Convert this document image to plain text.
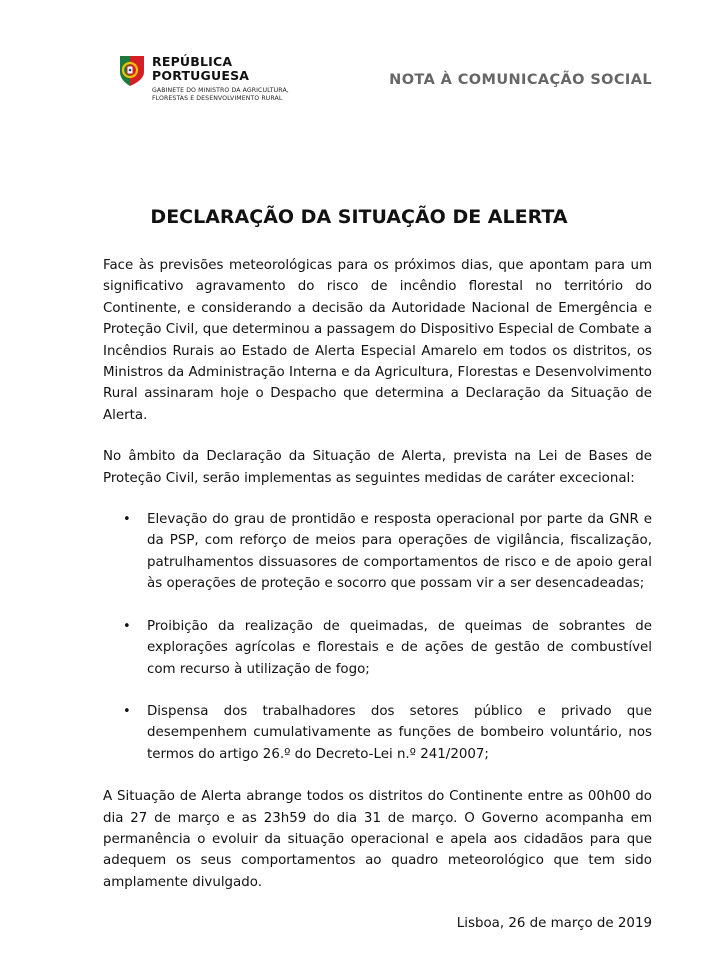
REPÚBLICA
PORTUGUESA
GABINETE DO MINISTRO DA AGRICULTURA,
FLORESTAS E DESENVOLVIMENTO RURAL
NOTA À COMUNICAÇÃO SOCIAL
DECLARAÇÃO DA SITUAÇÃO DE ALERTA

Face às previsões meteorológicas para os próximos dias, que apontam para um significativo agravamento do risco de incêndio florestal no território do Continente, e considerando a decisão da Autoridade Nacional de Emergência e Proteção Civil, que determinou a passagem do Dispositivo Especial de Combate a Incêndios Rurais ao Estado de Alerta Especial Amarelo em todos os distritos, os Ministros da Administração Interna e da Agricultura, Florestas e Desenvolvimento Rural assinaram hoje o Despacho que determina a Declaração da Situação de Alerta.

No âmbito da Declaração da Situação de Alerta, prevista na Lei de Bases de Proteção Civil, serão implementas as seguintes medidas de caráter excecional:

• Elevação do grau de prontidão e resposta operacional por parte da GNR e da PSP, com reforço de meios para operações de vigilância, fiscalização, patrulhamentos dissuasores de comportamentos de risco e de apoio geral às operações de proteção e socorro que possam vir a ser desencadeadas;
• Proibição da realização de queimadas, de queimas de sobrantes de explorações agrícolas e florestais e de ações de gestão de combustível com recurso à utilização de fogo;
• Dispensa dos trabalhadores dos setores público e privado que desempenhem cumulativamente as funções de bombeiro voluntário, nos termos do artigo 26.º do Decreto-Lei n.º 241/2007;

A Situação de Alerta abrange todos os distritos do Continente entre as 00h00 do dia 27 de março e as 23h59 do dia 31 de março. O Governo acompanha em permanência o evoluir da situação operacional e apela aos cidadãos para que adequem os seus comportamentos ao quadro meteorológico que tem sido amplamente divulgado.

Lisboa, 26 de março de 2019
